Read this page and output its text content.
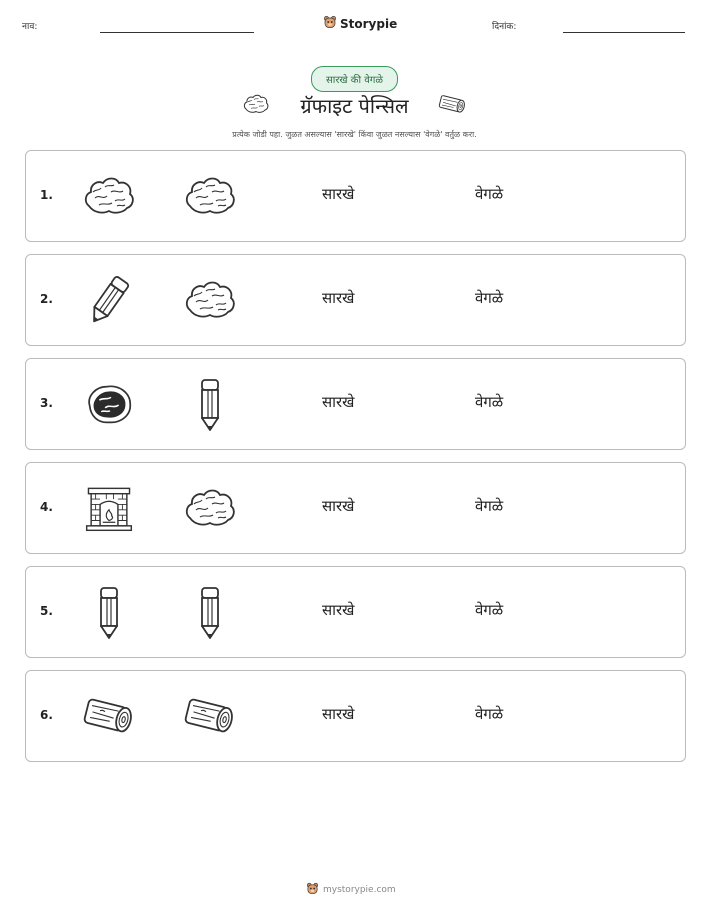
नाव:	Storypie	दिनांक:
सारखे की वेगळे
ग्रॅफाइट पेन्सिल
प्रत्येक जोडी पहा. जुळत असल्यास 'सारखे' किंवा जुळत नसल्यास 'वेगळे' वर्तुळ करा.
1.	सारखे	वेगळे
2.	सारखे	वेगळे
3.	सारखे	वेगळे
4.	सारखे	वेगळे
5.	सारखे	वेगळे
6.	सारखे	वेगळे
mystorypie.com
